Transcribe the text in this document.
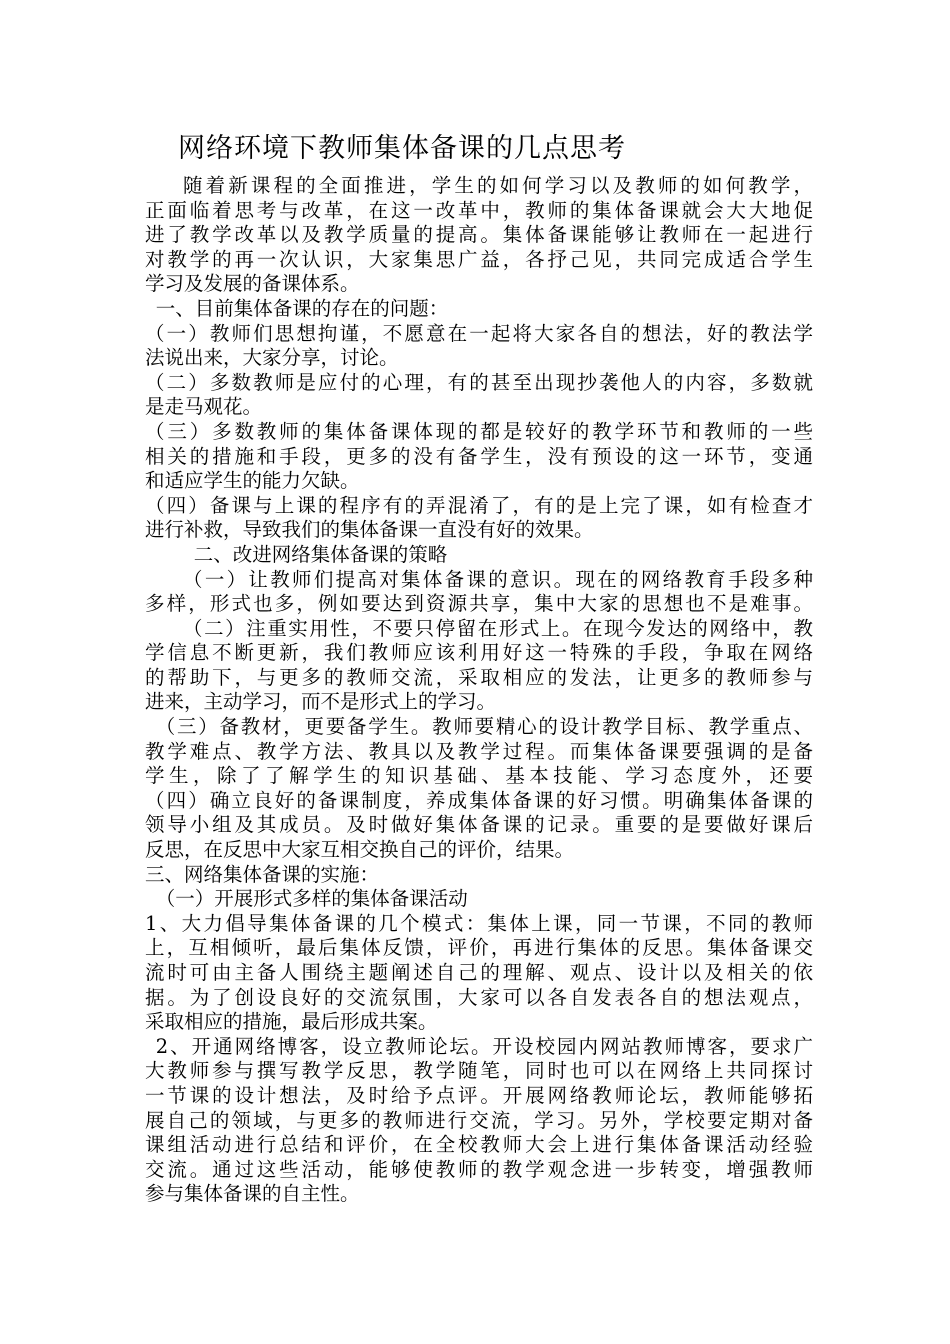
网络环境下教师集体备课的几点思考
随着新课程的全面推进，学生的如何学习以及教师的如何教学，
正面临着思考与改革，在这一改革中，教师的集体备课就会大大地促
进了教学改革以及教学质量的提高。集体备课能够让教师在一起进行
对教学的再一次认识，大家集思广益，各抒己见，共同完成适合学生
学习及发展的备课体系。
一、目前集体备课的存在的问题：
（一）教师们思想拘谨，不愿意在一起将大家各自的想法，好的教法学
法说出来，大家分享，讨论。
（二）多数教师是应付的心理，有的甚至出现抄袭他人的内容，多数就
是走马观花。
（三）多数教师的集体备课体现的都是较好的教学环节和教师的一些
相关的措施和手段，更多的没有备学生，没有预设的这一环节，变通
和适应学生的能力欠缺。
（四）备课与上课的程序有的弄混淆了，有的是上完了课，如有检查才
进行补救，导致我们的集体备课一直没有好的效果。
二、改进网络集体备课的策略
（一）让教师们提高对集体备课的意识。现在的网络教育手段多种
多样，形式也多，例如要达到资源共享，集中大家的思想也不是难事。
（二）注重实用性，不要只停留在形式上。在现今发达的网络中，教
学信息不断更新，我们教师应该利用好这一特殊的手段，争取在网络
的帮助下，与更多的教师交流，采取相应的发法，让更多的教师参与
进来，主动学习，而不是形式上的学习。
（三）备教材，更要备学生。教师要精心的设计教学目标、教学重点、
教学难点、教学方法、教具以及教学过程。而集体备课要强调的是备
学生，除了了解学生的知识基础、基本技能、学习态度外，还要
（四）确立良好的备课制度，养成集体备课的好习惯。明确集体备课的
领导小组及其成员。及时做好集体备课的记录。重要的是要做好课后
反思，在反思中大家互相交换自己的评价，结果。
三、网络集体备课的实施：
（一）开展形式多样的集体备课活动
1、大力倡导集体备课的几个模式：集体上课，同一节课，不同的教师
上，互相倾听，最后集体反馈，评价，再进行集体的反思。集体备课交
流时可由主备人围绕主题阐述自己的理解、观点、设计以及相关的依
据。为了创设良好的交流氛围，大家可以各自发表各自的想法观点，
采取相应的措施，最后形成共案。
2、开通网络博客，设立教师论坛。开设校园内网站教师博客，要求广
大教师参与撰写教学反思，教学随笔，同时也可以在网络上共同探讨
一节课的设计想法，及时给予点评。开展网络教师论坛，教师能够拓
展自己的领域，与更多的教师进行交流，学习。另外，学校要定期对备
课组活动进行总结和评价，在全校教师大会上进行集体备课活动经验
交流。通过这些活动，能够使教师的教学观念进一步转变，增强教师
参与集体备课的自主性。
